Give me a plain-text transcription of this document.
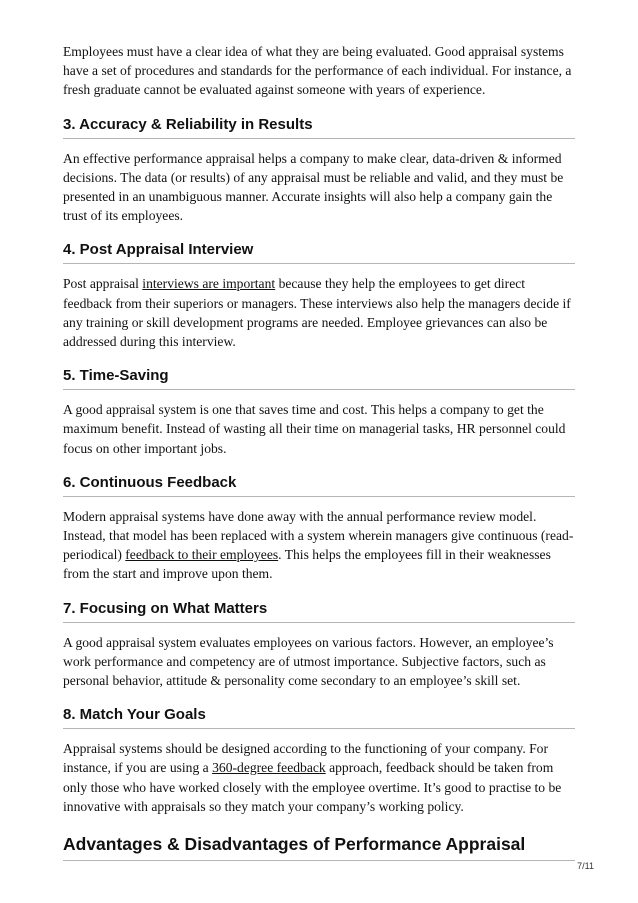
Employees must have a clear idea of what they are being evaluated. Good appraisal systems have a set of procedures and standards for the performance of each individual. For instance, a fresh graduate cannot be evaluated against someone with years of experience.

3. Accuracy & Reliability in Results

An effective performance appraisal helps a company to make clear, data-driven & informed decisions. The data (or results) of any appraisal must be reliable and valid, and they must be presented in an unambiguous manner. Accurate insights will also help a company gain the trust of its employees.

4. Post Appraisal Interview

Post appraisal interviews are important because they help the employees to get direct feedback from their superiors or managers. These interviews also help the managers decide if any training or skill development programs are needed. Employee grievances can also be addressed during this interview.

5. Time-Saving

A good appraisal system is one that saves time and cost. This helps a company to get the maximum benefit. Instead of wasting all their time on managerial tasks, HR personnel could focus on other important jobs.

6. Continuous Feedback

Modern appraisal systems have done away with the annual performance review model. Instead, that model has been replaced with a system wherein managers give continuous (read- periodical) feedback to their employees. This helps the employees fill in their weaknesses from the start and improve upon them.

7. Focusing on What Matters

A good appraisal system evaluates employees on various factors. However, an employee’s work performance and competency are of utmost importance. Subjective factors, such as personal behavior, attitude & personality come secondary to an employee’s skill set.

8. Match Your Goals

Appraisal systems should be designed according to the functioning of your company. For instance, if you are using a 360-degree feedback approach, feedback should be taken from only those who have worked closely with the employee overtime. It’s good to practise to be innovative with appraisals so they match your company’s working policy.

Advantages & Disadvantages of Performance Appraisal
7/11
